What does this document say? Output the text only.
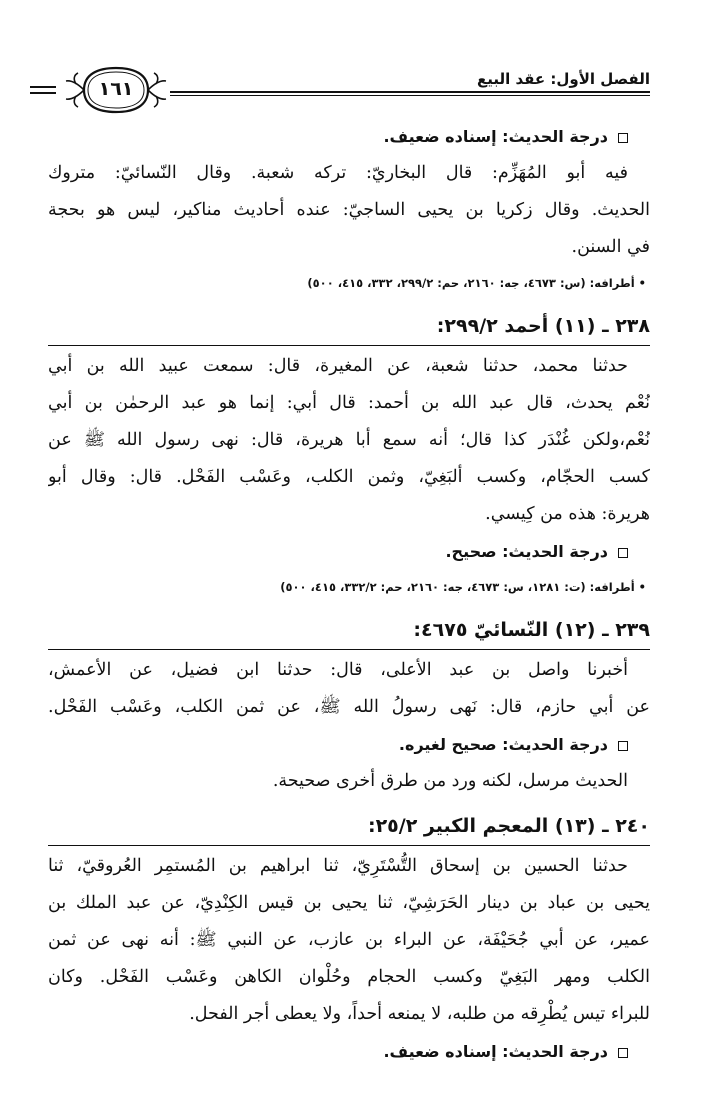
الفصل الأول: عقد البيع
١٦١
درجة الحديث: إسناده ضعيف.
فيه أبو المُهَزِّم: قال البخاريّ: تركه شعبة. وقال النّسائيّ: متروك
الحديث. وقال زكريا بن يحيى الساجيّ: عنده أحاديث مناكير، ليس هو بحجة
في السنن.
• أطرافه: (س: ٤٦٧٣، جه: ٢١٦٠، حم: ٢٩٩/٢، ٣٣٢، ٤١٥، ٥٠٠)
٢٣٨ ـ (١١) أحمد ٢٩٩/٢:
حدثنا محمد، حدثنا شعبة، عن المغيرة، قال: سمعت عبيد الله بن أبي
نُعْم يحدث، قال عبد الله بن أحمد: قال أبي: إنما هو عبد الرحمٰن بن أبي
نُعْم،ولكن غُنْدَر كذا قال؛ أنه سمع أبا هريرة، قال: نهى رسول الله ﷺ عن
كسب الحجّام، وكسب ألبَغِيّ، وثمن الكلب، وعَسْب الفَحْل. قال: وقال أبو
هريرة: هذه من كِيسي.
درجة الحديث: صحيح.
• أطرافه: (ت: ١٢٨١، س: ٤٦٧٣، جه: ٢١٦٠، حم: ٣٣٢/٢، ٤١٥، ٥٠٠)
٢٣٩ ـ (١٢) النّسائيّ ٤٦٧٥:
أخبرنا واصل بن عبد الأعلى، قال: حدثنا ابن فضيل، عن الأعمش،
عن أبي حازم، قال: نَهى رسولُ الله ﷺ، عن ثمن الكلب، وعَسْب الفَحْل.
درجة الحديث: صحيح لغيره.
الحديث مرسل، لكنه ورد من طرق أخرى صحيحة.
٢٤٠ ـ (١٣) المعجم الكبير ٢٥/٢:
حدثنا الحسين بن إسحاق التُّسْتَرِيّ، ثنا ابراهيم بن المُستمِر العُروقيّ، ثنا
يحيى بن عباد بن دينار الحَرَشِيّ، ثنا يحيى بن قيس الكِنْدِيّ، عن عبد الملك بن
عمير، عن أبي جُحَيْفَة، عن البراء بن عازب، عن النبي ﷺ: أنه نهى عن ثمن
الكلب ومهر البَغِيّ وكسب الحجام وحُلْوان الكاهن وعَسْب الفَحْل. وكان
للبراء تيس يُطْرِقه من طلبه، لا يمنعه أحداً، ولا يعطى أجر الفحل.
درجة الحديث: إسناده ضعيف.
